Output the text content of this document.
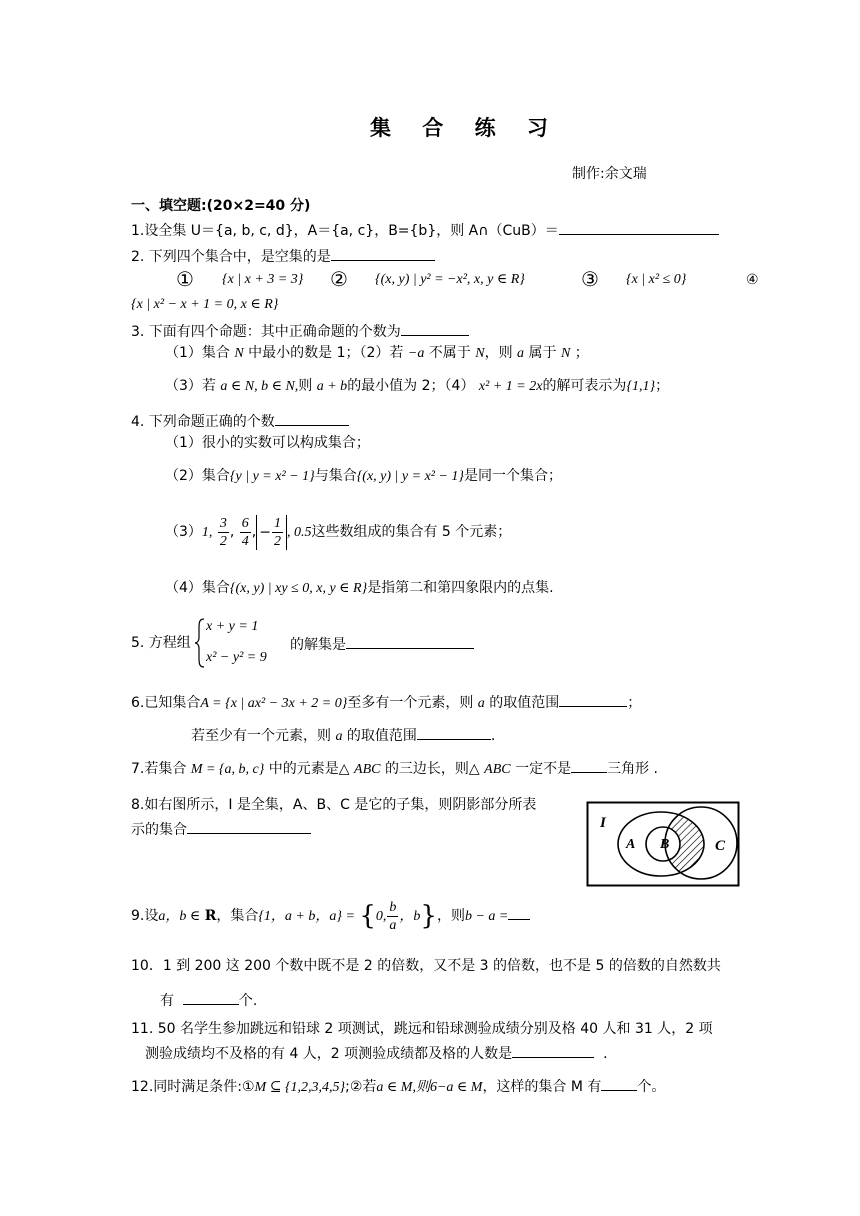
集 合 练 习
制作:余文瑞
一、填空题:(20×2=40 分)
1.设全集 U＝{a, b, c, d}，A＝{a, c}，B={b}，则 A∩（CuB）＝
2. 下列四个集合中，是空集的是
① {x | x + 3 = 3} ② {(x, y) | y² = −x², x, y ∈ R}	③ {x | x² ≤ 0}	④
{x | x² − x + 1 = 0, x ∈ R}
3. 下面有四个命题：其中正确命题的个数为
（1）集合 N 中最小的数是 1；（2）若 −a 不属于 N，则 a 属于 N ；
（3）若 a ∈ N, b ∈ N,则 a + b的最小值为 2；（4） x² + 1 = 2x的解可表示为{1,1}；
4. 下列命题正确的个数
（1）很小的实数可以构成集合；
（2）集合{y | y = x² − 1}与集合{(x, y) | y = x² − 1}是同一个集合；
（3）1, $\frac{3}{2}$ , $\frac{6}{4}$ , − $\frac{1}{2}$ , 0.5这些数组成的集合有 5 个元素；
（4）集合{(x, y) | xy ≤ 0, x, y ∈ R}是指第二和第四象限内的点集.
5. 方程组
x + y = 1
x² − y² = 9
的解集是
6.已知集合A = {x | ax² − 3x + 2 = 0}至多有一个元素，则 a 的取值范围	；
若至少有一个元素，则 a 的取值范围	.
7.若集合 M = {a, b, c} 中的元素是△ ABC 的三边长，则△ ABC 一定不是	三角形 .
8.如右图所示，I 是全集，A、B、C 是它的子集，则阴影部分所表
示的集合	I
A B	C
9.设a，b ∈ R，集合{1，a + b，a} = {0, $\frac{b}{a}$ ，b}，则b − a =
10．1 到 200 这 200 个数中既不是 2 的倍数，又不是 3 的倍数，也不是 5 的倍数的自然数共
有	个.
11. 50 名学生参加跳远和铅球 2 项测试，跳远和铅球测验成绩分别及格 40 人和 31 人，2 项
测验成绩均不及格的有 4 人，2 项测验成绩都及格的人数是	.
12.同时满足条件:①M ⊆ {1,2,3,4,5};②若a ∈ M,则6−a ∈ M，这样的集合 M 有	个。
